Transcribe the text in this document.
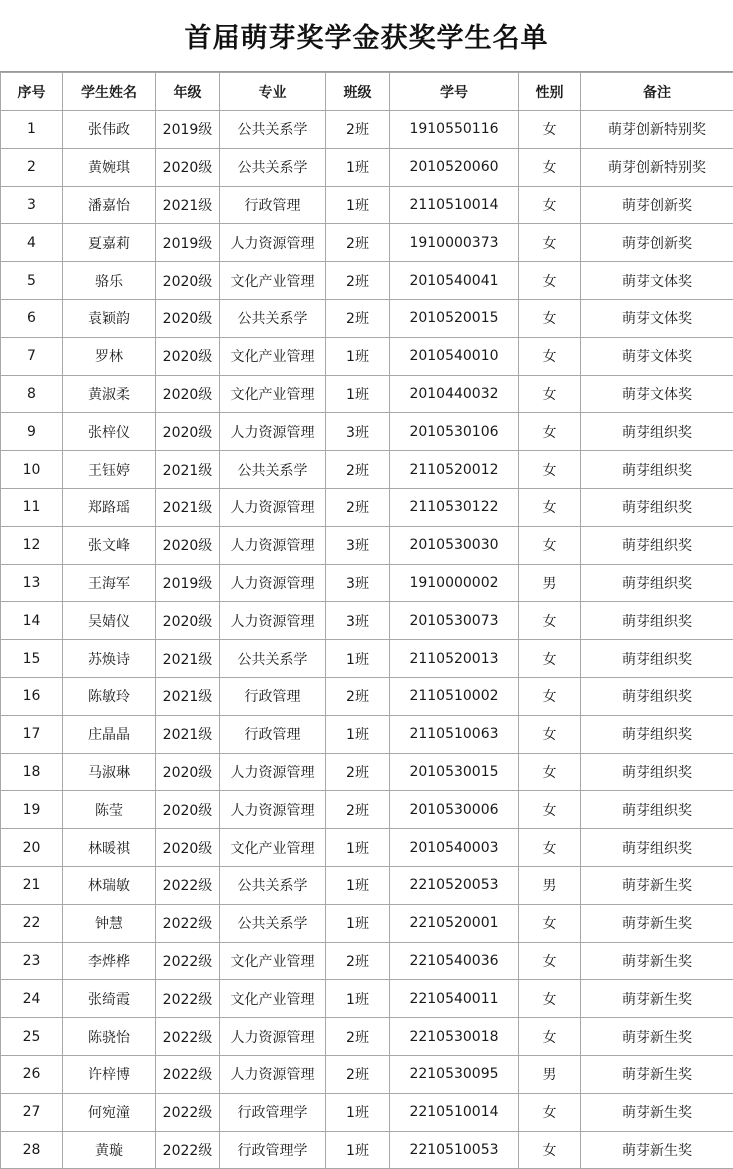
首届萌芽奖学金获奖学生名单
序号	学生姓名	年级	专业	班级	学号	性别	备注
1	张伟政	2019级	公共关系学	2班	1910550116	女	萌芽创新特别奖
2	黄婉琪	2020级	公共关系学	1班	2010520060	女	萌芽创新特别奖
3	潘嘉怡	2021级	行政管理	1班	2110510014	女	萌芽创新奖
4	夏嘉莉	2019级	人力资源管理	2班	1910000373	女	萌芽创新奖
5	骆乐	2020级	文化产业管理	2班	2010540041	女	萌芽文体奖
6	袁颖韵	2020级	公共关系学	2班	2010520015	女	萌芽文体奖
7	罗林	2020级	文化产业管理	1班	2010540010	女	萌芽文体奖
8	黄淑柔	2020级	文化产业管理	1班	2010440032	女	萌芽文体奖
9	张梓仪	2020级	人力资源管理	3班	2010530106	女	萌芽组织奖
10	王钰婷	2021级	公共关系学	2班	2110520012	女	萌芽组织奖
11	郑路瑶	2021级	人力资源管理	2班	2110530122	女	萌芽组织奖
12	张文峰	2020级	人力资源管理	3班	2010530030	女	萌芽组织奖
13	王海军	2019级	人力资源管理	3班	1910000002	男	萌芽组织奖
14	吴婧仪	2020级	人力资源管理	3班	2010530073	女	萌芽组织奖
15	苏焕诗	2021级	公共关系学	1班	2110520013	女	萌芽组织奖
16	陈敏玲	2021级	行政管理	2班	2110510002	女	萌芽组织奖
17	庄晶晶	2021级	行政管理	1班	2110510063	女	萌芽组织奖
18	马淑琳	2020级	人力资源管理	2班	2010530015	女	萌芽组织奖
19	陈莹	2020级	人力资源管理	2班	2010530006	女	萌芽组织奖
20	林暖祺	2020级	文化产业管理	1班	2010540003	女	萌芽组织奖
21	林瑞敏	2022级	公共关系学	1班	2210520053	男	萌芽新生奖
22	钟慧	2022级	公共关系学	1班	2210520001	女	萌芽新生奖
23	李烨桦	2022级	文化产业管理	2班	2210540036	女	萌芽新生奖
24	张绮霞	2022级	文化产业管理	1班	2210540011	女	萌芽新生奖
25	陈骁怡	2022级	人力资源管理	2班	2210530018	女	萌芽新生奖
26	许梓博	2022级	人力资源管理	2班	2210530095	男	萌芽新生奖
27	何宛潼	2022级	行政管理学	1班	2210510014	女	萌芽新生奖
28	黄璇	2022级	行政管理学	1班	2210510053	女	萌芽新生奖
